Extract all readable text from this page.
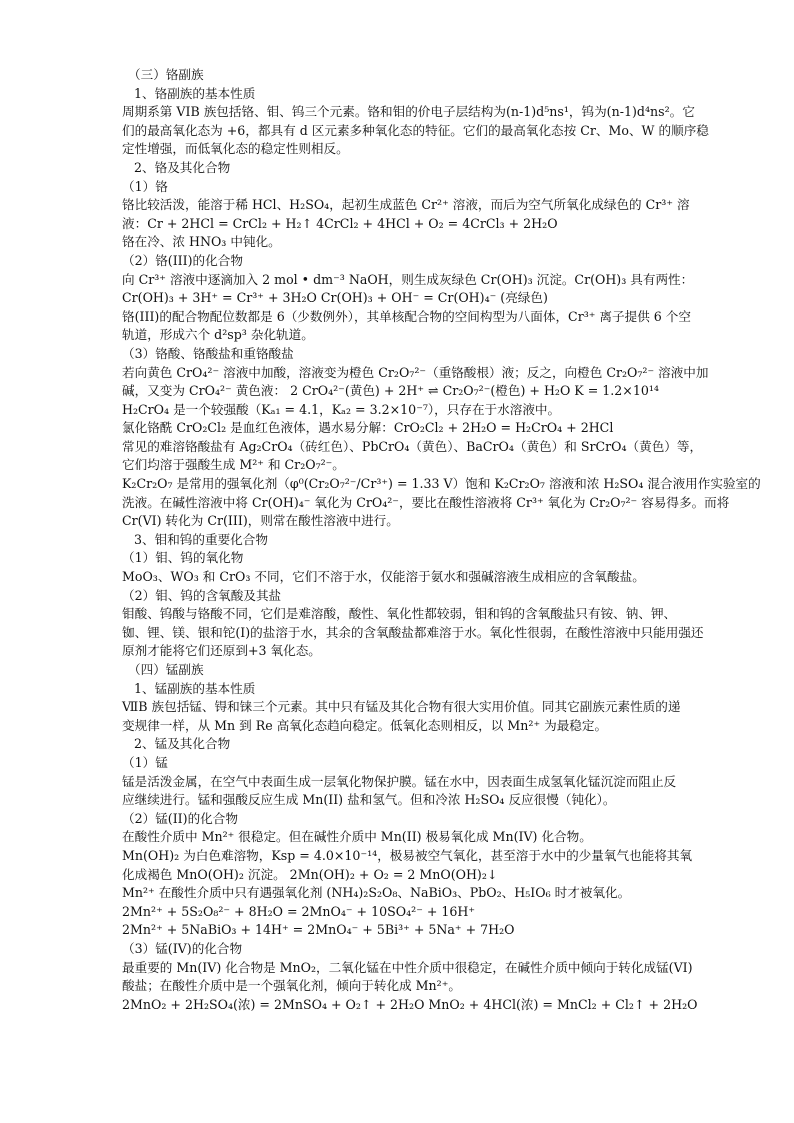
（三）铬副族
1、铬副族的基本性质
周期系第 VIB 族包括铬、钼、钨三个元素。铬和钼的价电子层结构为(n-1)d⁵ns¹，钨为(n-1)d⁴ns²。它
们的最高氧化态为 +6，都具有 d 区元素多种氧化态的特征。它们的最高氧化态按 Cr、Mo、W 的顺序稳
定性增强，而低氧化态的稳定性则相反。
2、铬及其化合物
（1）铬
铬比较活泼，能溶于稀 HCl、H₂SO₄，起初生成蓝色 Cr²⁺ 溶液，而后为空气所氧化成绿色的 Cr³⁺ 溶
液：Cr + 2HCl = CrCl₂ + H₂↑ 4CrCl₂ + 4HCl + O₂ = 4CrCl₃ + 2H₂O
铬在冷、浓 HNO₃ 中钝化。
（2）铬(III)的化合物
向 Cr³⁺ 溶液中逐滴加入 2 mol • dm⁻³ NaOH，则生成灰绿色 Cr(OH)₃ 沉淀。Cr(OH)₃ 具有两性：
Cr(OH)₃ + 3H⁺ = Cr³⁺ + 3H₂O Cr(OH)₃ + OH⁻ = Cr(OH)₄⁻ (亮绿色)
铬(III)的配合物配位数都是 6（少数例外），其单核配合物的空间构型为八面体，Cr³⁺ 离子提供 6 个空
轨道，形成六个 d²sp³ 杂化轨道。
（3）铬酸、铬酸盐和重铬酸盐
若向黄色 CrO₄²⁻ 溶液中加酸，溶液变为橙色 Cr₂O₇²⁻（重铬酸根）液；反之，向橙色 Cr₂O₇²⁻ 溶液中加
碱，又变为 CrO₄²⁻ 黄色液： 2 CrO₄²⁻(黄色) + 2H⁺ ⇌ Cr₂O₇²⁻(橙色) + H₂O K = 1.2×10¹⁴
H₂CrO₄ 是一个较强酸（Kₐ₁ = 4.1，Kₐ₂ = 3.2×10⁻⁷），只存在于水溶液中。
氯化铬酰 CrO₂Cl₂ 是血红色液体，遇水易分解：CrO₂Cl₂ + 2H₂O = H₂CrO₄ + 2HCl
常见的难溶铬酸盐有 Ag₂CrO₄（砖红色）、PbCrO₄（黄色）、BaCrO₄（黄色）和 SrCrO₄（黄色）等，
它们均溶于强酸生成 M²⁺ 和 Cr₂O₇²⁻。
K₂Cr₂O₇ 是常用的强氧化剂（φ⁰(Cr₂O₇²⁻/Cr³⁺) = 1.33 V）饱和 K₂Cr₂O₇ 溶液和浓 H₂SO₄ 混合液用作实验室的
洗液。在碱性溶液中将 Cr(OH)₄⁻ 氧化为 CrO₄²⁻，要比在酸性溶液将 Cr³⁺ 氧化为 Cr₂O₇²⁻ 容易得多。而将
Cr(VI) 转化为 Cr(III)，则常在酸性溶液中进行。
3、钼和钨的重要化合物
（1）钼、钨的氧化物
MoO₃、WO₃ 和 CrO₃ 不同，它们不溶于水，仅能溶于氨水和强碱溶液生成相应的含氧酸盐。
（2）钼、钨的含氧酸及其盐
钼酸、钨酸与铬酸不同，它们是难溶酸，酸性、氧化性都较弱，钼和钨的含氧酸盐只有铵、钠、钾、
铷、锂、镁、银和铊(I)的盐溶于水，其余的含氧酸盐都难溶于水。氧化性很弱，在酸性溶液中只能用强还
原剂才能将它们还原到+3 氧化态。
（四）锰副族
1、锰副族的基本性质
ⅦB 族包括锰、锝和铼三个元素。其中只有锰及其化合物有很大实用价值。同其它副族元素性质的递
变规律一样，从 Mn 到 Re 高氧化态趋向稳定。低氧化态则相反，以 Mn²⁺ 为最稳定。
2、锰及其化合物
（1）锰
锰是活泼金属，在空气中表面生成一层氧化物保护膜。锰在水中，因表面生成氢氧化锰沉淀而阻止反
应继续进行。锰和强酸反应生成 Mn(II) 盐和氢气。但和冷浓 H₂SO₄ 反应很慢（钝化）。
（2）锰(II)的化合物
在酸性介质中 Mn²⁺ 很稳定。但在碱性介质中 Mn(II) 极易氧化成 Mn(IV) 化合物。
Mn(OH)₂ 为白色难溶物，Ksp = 4.0×10⁻¹⁴，极易被空气氧化，甚至溶于水中的少量氧气也能将其氧
化成褐色 MnO(OH)₂ 沉淀。 2Mn(OH)₂ + O₂ = 2 MnO(OH)₂↓
Mn²⁺ 在酸性介质中只有遇强氧化剂 (NH₄)₂S₂O₈、NaBiO₃、PbO₂、H₅IO₆ 时才被氧化。
2Mn²⁺ + 5S₂O₈²⁻ + 8H₂O = 2MnO₄⁻ + 10SO₄²⁻ + 16H⁺
2Mn²⁺ + 5NaBiO₃ + 14H⁺ = 2MnO₄⁻ + 5Bi³⁺ + 5Na⁺ + 7H₂O
（3）锰(IV)的化合物
最重要的 Mn(IV) 化合物是 MnO₂，二氧化锰在中性介质中很稳定，在碱性介质中倾向于转化成锰(VI)
酸盐；在酸性介质中是一个强氧化剂，倾向于转化成 Mn²⁺。
2MnO₂ + 2H₂SO₄(浓) = 2MnSO₄ + O₂↑ + 2H₂O MnO₂ + 4HCl(浓) = MnCl₂ + Cl₂↑ + 2H₂O
